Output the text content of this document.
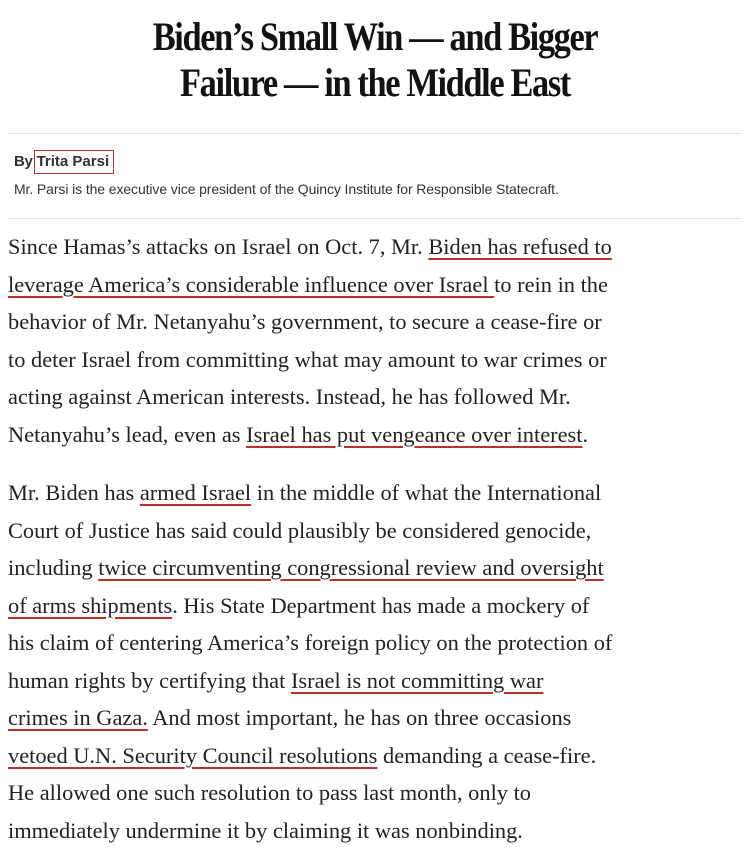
Biden’s Small Win — and Bigger
Failure — in the Middle East
By Trita Parsi
Mr. Parsi is the executive vice president of the Quincy Institute for Responsible Statecraft.

Since Hamas’s attacks on Israel on Oct. 7, Mr. Biden has refused to
leverage America’s considerable influence over Israel to rein in the
behavior of Mr. Netanyahu’s government, to secure a cease-fire or
to deter Israel from committing what may amount to war crimes or
acting against American interests. Instead, he has followed Mr.
Netanyahu’s lead, even as Israel has put vengeance over interest.

Mr. Biden has armed Israel in the middle of what the International
Court of Justice has said could plausibly be considered genocide,
including twice circumventing congressional review and oversight
of arms shipments. His State Department has made a mockery of
his claim of centering America’s foreign policy on the protection of
human rights by certifying that Israel is not committing war
crimes in Gaza. And most important, he has on three occasions
vetoed U.N. Security Council resolutions demanding a cease-fire.
He allowed one such resolution to pass last month, only to
immediately undermine it by claiming it was nonbinding.
